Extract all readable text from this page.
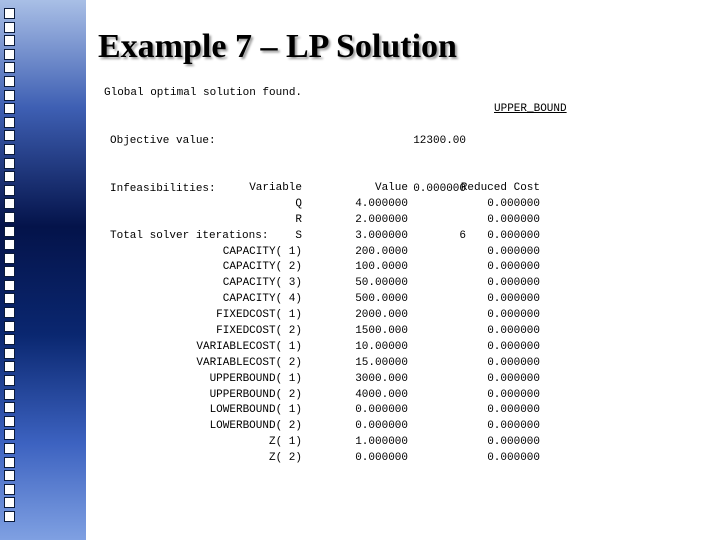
Example 7 – LP Solution
Global optimal solution found.

Objective value:

Infeasibilities:

Total solver iterations:

12300.00

0.000000

6

UPPER_BOUND
Variable
Q
R
S
CAPACITY( 1)
CAPACITY( 2)
CAPACITY( 3)
CAPACITY( 4)
FIXEDCOST( 1)
FIXEDCOST( 2)
VARIABLECOST( 1)
VARIABLECOST( 2)
UPPERBOUND( 1)
UPPERBOUND( 2)
LOWERBOUND( 1)
LOWERBOUND( 2)
Z( 1)
Z( 2)
Value
4.000000
2.000000
3.000000
200.0000
100.0000
50.00000
500.0000
2000.000
1500.000
10.00000
15.00000
3000.000
4000.000
0.000000
0.000000
1.000000
0.000000
Reduced Cost
0.000000
0.000000
0.000000
0.000000
0.000000
0.000000
0.000000
0.000000
0.000000
0.000000
0.000000
0.000000
0.000000
0.000000
0.000000
0.000000
0.000000
